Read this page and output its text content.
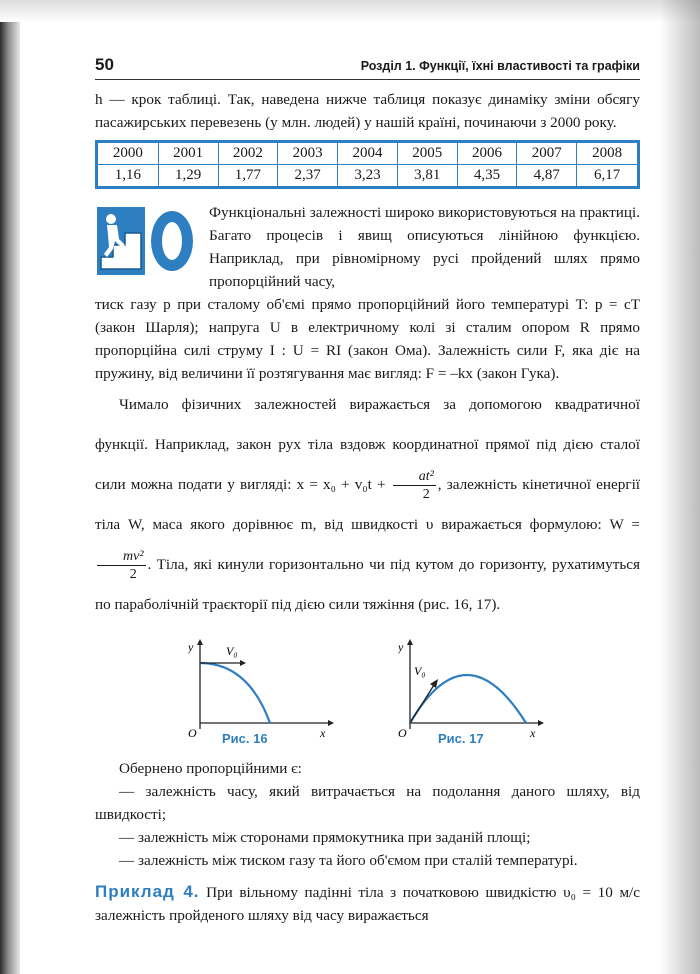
50	Розділ 1. Функції, їхні властивості та графіки

h — крок таблиці. Так, наведена нижче таблиця показує динаміку зміни обсягу пасажирських перевезень (у млн. людей) у нашій країні, починаючи з 2000 року.

2000	2001	2002	2003	2004	2005	2006	2007	2008
1,16	1,29	1,77	2,37	3,23	3,81	4,35	4,87	6,17

Функціональні залежності широко використовуються на практиці. Багато процесів і явищ описуються лінійною функцією. Наприклад, при рівномірному русі пройдений шлях прямо пропорційний часу,

тиск газу p при сталому об'ємі прямо пропорційний його температурі T: p = cT (закон Шарля); напруга U в електричному колі зі сталим опором R прямо пропорційна силі струму I : U = RI (закон Ома). Залежність сили F, яка діє на пружину, від величини її розтягування має вигляд: F = –kx (закон Гука).

Чимало фізичних залежностей виражається за допомогою квадратичної функції. Наприклад, закон рух тіла вздовж координатної прямої під дією сталої сили можна подати у вигляді: $x = x_0 + v_0t + \frac{\text{at²}}{2}$ , залежність кінетичної енергії тіла W, маса якого дорівнює m, від швидкості υ виражається формулою: W =
$\frac{\text{mv²}}{2}$ . Тіла, які кинули горизонтально чи під кутом до горизонту, рухатимуться по параболічній траєкторії під дією сили тяжіння (рис. 16, 17).

y
x
O
V₀
Рис. 16
y
x
O
V₀
Рис. 17

Обернено пропорційними є:

— залежність часу, який витрачається на подолання даного шляху, від швидкості;

— залежність між сторонами прямокутника при заданій площі;

— залежність між тиском газу та його об'ємом при сталій температурі.

Приклад 4. При вільному падінні тіла з початковою швидкістю υ₀ = 10 м/с залежність пройденого шляху від часу виражається
